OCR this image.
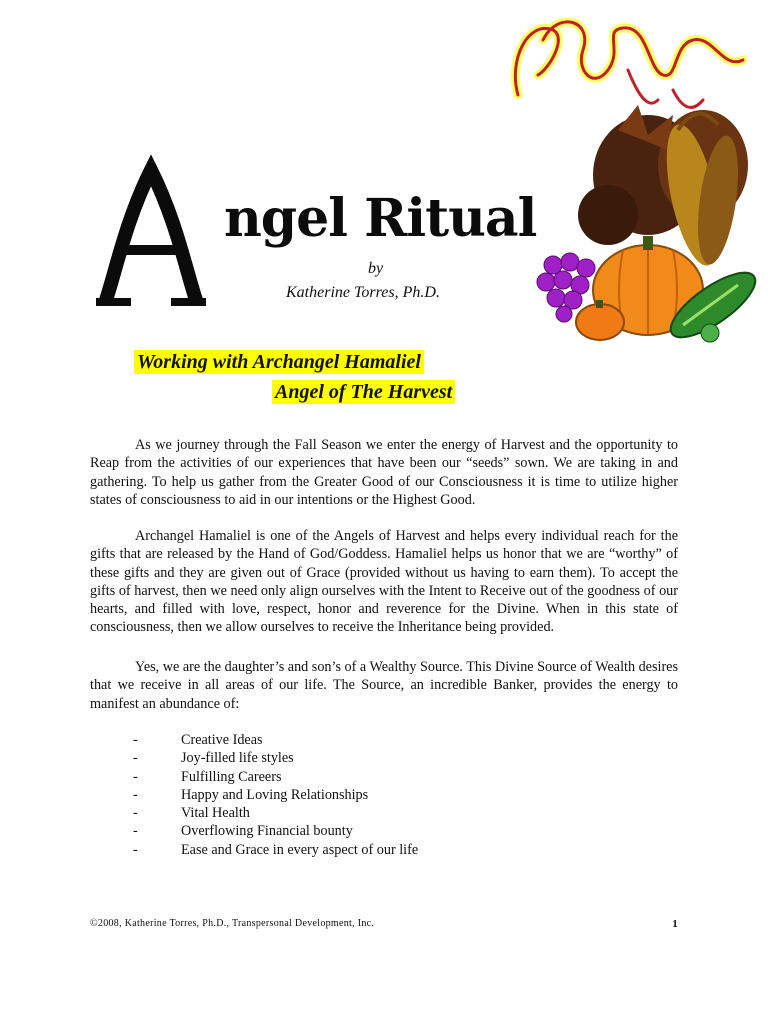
ngel Ritual
by
Katherine Torres, Ph.D.
Working with Archangel Hamaliel
Angel of The Harvest

As we journey through the Fall Season we enter the energy of Harvest and the opportunity to Reap from the activities of our experiences that have been our “seeds” sown. We are taking in and gathering. To help us gather from the Greater Good of our Consciousness it is time to utilize higher states of consciousness to aid in our intentions or the Highest Good.

Archangel Hamaliel is one of the Angels of Harvest and helps every individual reach for the gifts that are released by the Hand of God/Goddess. Hamaliel helps us honor that we are “worthy” of these gifts and they are given out of Grace (provided without us having to earn them). To accept the gifts of harvest, then we need only align ourselves with the Intent to Receive out of the goodness of our hearts, and filled with love, respect, honor and reverence for the Divine. When in this state of consciousness, then we allow ourselves to receive the Inheritance being provided.

Yes, we are the daughter’s and son’s of a Wealthy Source. This Divine Source of Wealth desires that we receive in all areas of our life. The Source, an incredible Banker, provides the energy to manifest an abundance of:

-	Creative Ideas
-	Joy-filled life styles
-	Fulfilling Careers
-	Happy and Loving Relationships
-	Vital Health
-	Overflowing Financial bounty
-	Ease and Grace in every aspect of our life
©2008, Katherine Torres, Ph.D., Transpersonal Development, Inc.	1
